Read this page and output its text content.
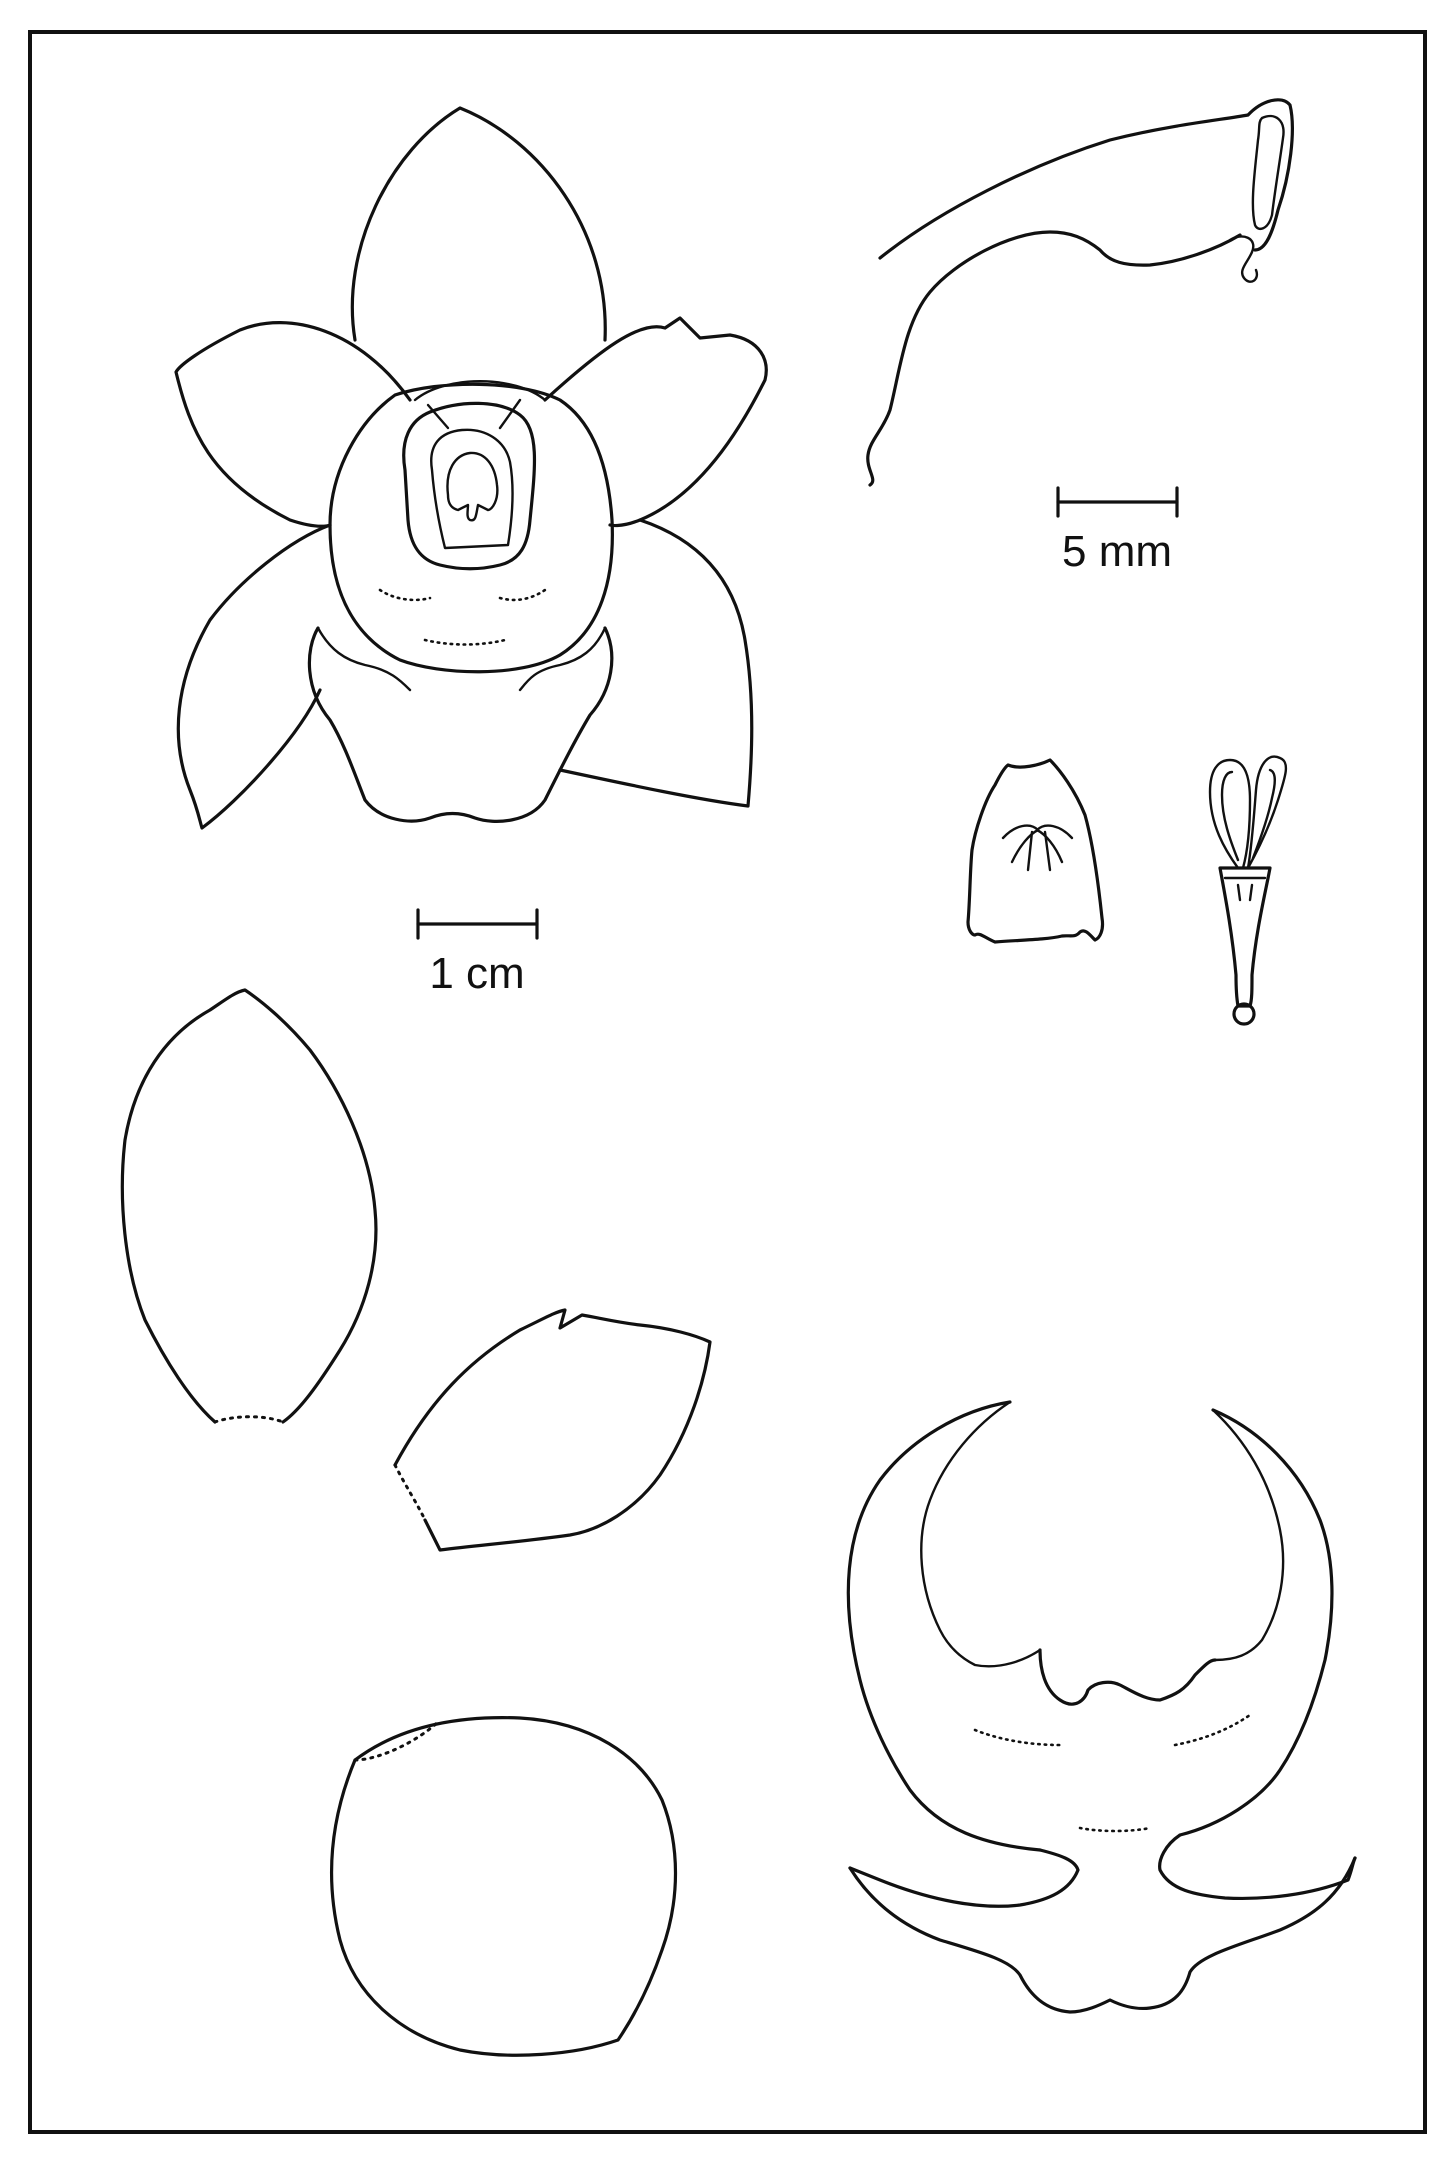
1 cm
5 mm
